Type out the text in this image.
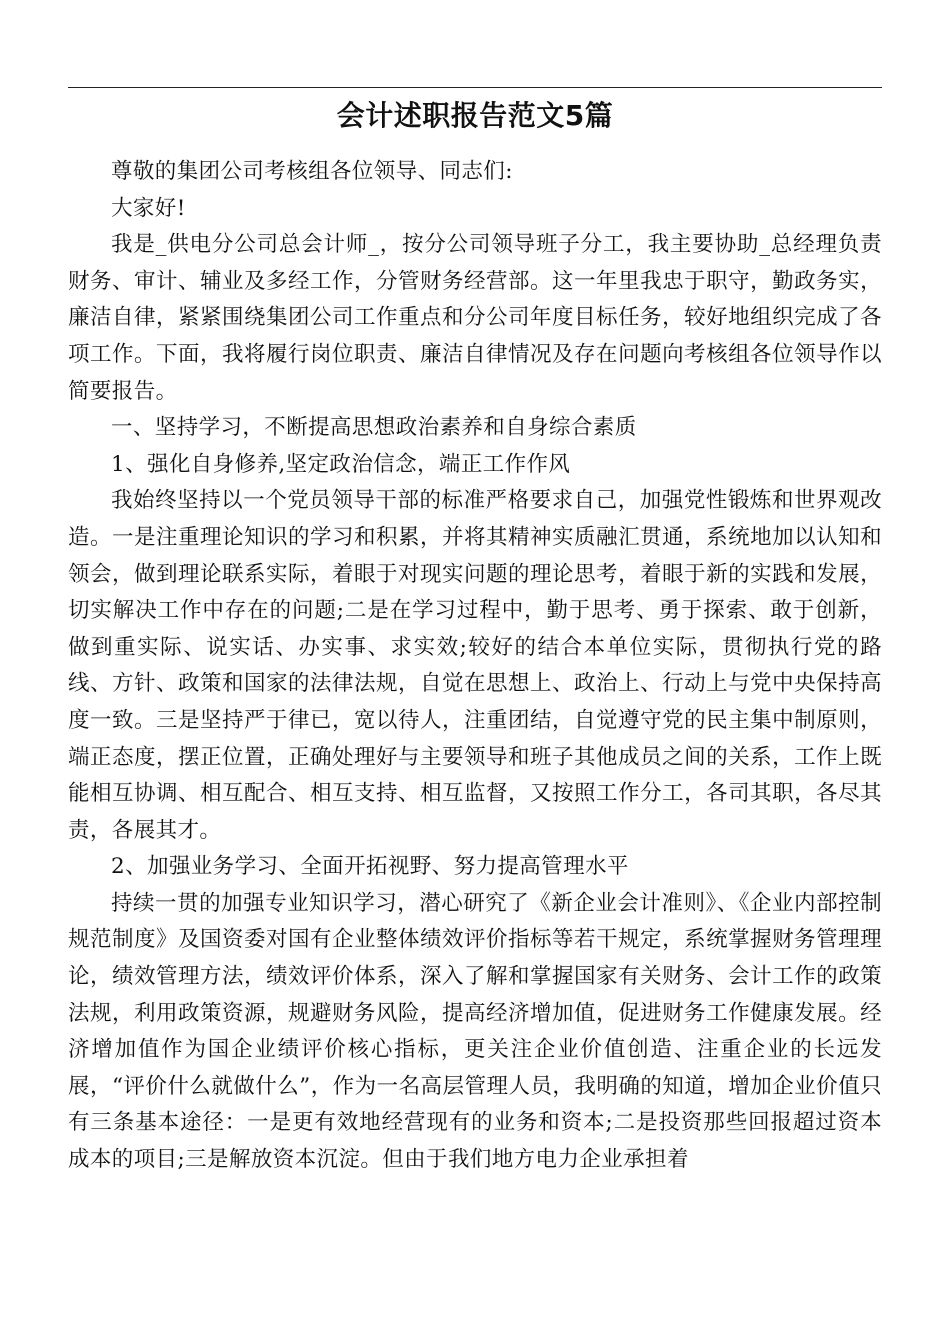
会计述职报告范文5篇

尊敬的集团公司考核组各位领导、同志们:

大家好!

我是_供电分公司总会计师_，按分公司领导班子分工，我主要协助_总经理负责财务、审计、辅业及多经工作，分管财务经营部。这一年里我忠于职守，勤政务实，廉洁自律，紧紧围绕集团公司工作重点和分公司年度目标任务，较好地组织完成了各项工作。下面，我将履行岗位职责、廉洁自律情况及存在问题向考核组各位领导作以简要报告。

一、坚持学习，不断提高思想政治素养和自身综合素质

1、强化自身修养,坚定政治信念，端正工作作风

我始终坚持以一个党员领导干部的标准严格要求自己，加强党性锻炼和世界观改造。一是注重理论知识的学习和积累，并将其精神实质融汇贯通，系统地加以认知和领会，做到理论联系实际，着眼于对现实问题的理论思考，着眼于新的实践和发展，切实解决工作中存在的问题;二是在学习过程中，勤于思考、勇于探索、敢于创新，做到重实际、说实话、办实事、求实效;较好的结合本单位实际，贯彻执行党的路线、方针、政策和国家的法律法规，自觉在思想上、政治上、行动上与党中央保持高度一致。三是坚持严于律已，宽以待人，注重团结，自觉遵守党的民主集中制原则，端正态度，摆正位置，正确处理好与主要领导和班子其他成员之间的关系，工作上既能相互协调、相互配合、相互支持、相互监督，又按照工作分工，各司其职，各尽其责，各展其才。

2、加强业务学习、全面开拓视野、努力提高管理水平

持续一贯的加强专业知识学习，潜心研究了《新企业会计准则》、《企业内部控制规范制度》及国资委对国有企业整体绩效评价指标等若干规定，系统掌握财务管理理论，绩效管理方法，绩效评价体系，深入了解和掌握国家有关财务、会计工作的政策法规，利用政策资源，规避财务风险，提高经济增加值，促进财务工作健康发展。经济增加值作为国企业绩评价核心指标，更关注企业价值创造、注重企业的长远发展，“评价什么就做什么”，作为一名高层管理人员，我明确的知道，增加企业价值只有三条基本途径：一是更有效地经营现有的业务和资本;二是投资那些回报超过资本成本的项目;三是解放资本沉淀。但由于我们地方电力企业承担着
